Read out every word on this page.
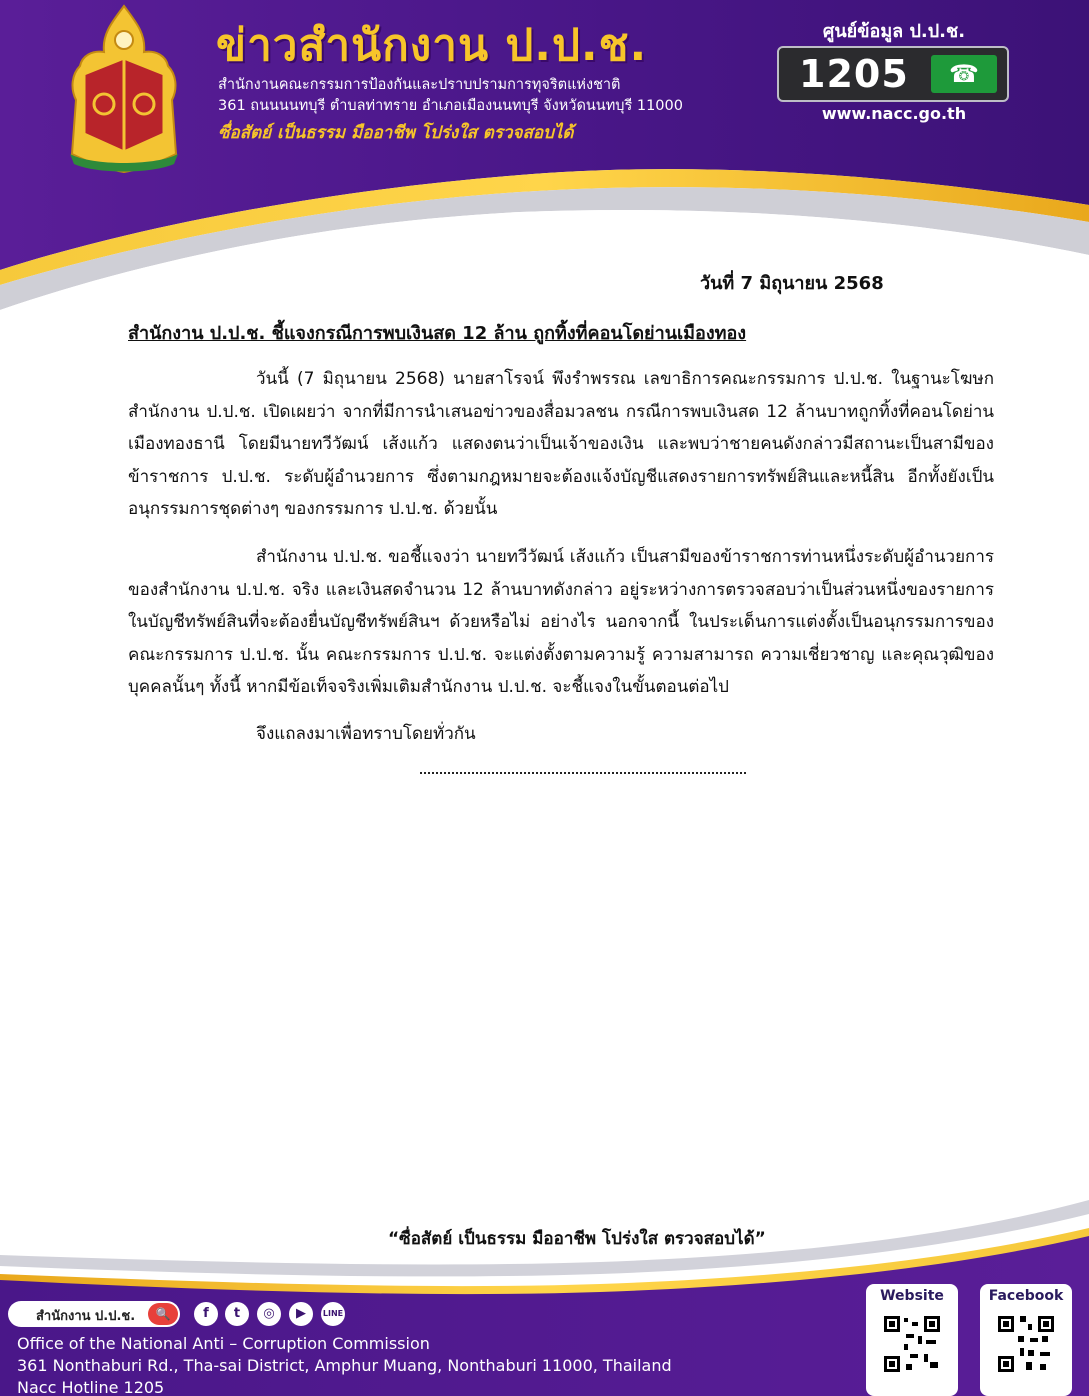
ข่าวสำนักงาน ป.ป.ช.
สำนักงานคณะกรรมการป้องกันและปราบปรามการทุจริตแห่งชาติ
361 ถนนนนทบุรี ตำบลท่าทราย อำเภอเมืองนนทบุรี จังหวัดนนทบุรี 11000
ซื่อสัตย์ เป็นธรรม มืออาชีพ โปร่งใส ตรวจสอบได้
ศูนย์ข้อมูล ป.ป.ช.
1205	☎
www.nacc.go.th
วันที่ 7 มิถุนายน 2568
สำนักงาน ป.ป.ช. ชี้แจงกรณีการพบเงินสด 12 ล้าน ถูกทิ้งที่คอนโดย่านเมืองทอง
วันนี้ (7 มิถุนายน 2568) นายสาโรจน์ พึงรำพรรณ เลขาธิการคณะกรรมการ ป.ป.ช. ในฐานะโฆษกสำนักงาน ป.ป.ช. เปิดเผยว่า จากที่มีการนำเสนอข่าวของสื่อมวลชน กรณีการพบเงินสด 12 ล้านบาทถูกทิ้งที่คอนโดย่านเมืองทองธานี โดยมีนายทวีวัฒน์ เส้งแก้ว แสดงตนว่าเป็นเจ้าของเงิน และพบว่าชายคนดังกล่าวมีสถานะเป็นสามีของข้าราชการ ป.ป.ช. ระดับผู้อำนวยการ ซึ่งตามกฎหมายจะต้องแจ้งบัญชีแสดงรายการทรัพย์สินและหนี้สิน อีกทั้งยังเป็นอนุกรรมการชุดต่างๆ ของกรรมการ ป.ป.ช. ด้วยนั้น
สำนักงาน ป.ป.ช. ขอชี้แจงว่า นายทวีวัฒน์ เส้งแก้ว เป็นสามีของข้าราชการท่านหนึ่งระดับผู้อำนวยการของสำนักงาน ป.ป.ช. จริง และเงินสดจำนวน 12 ล้านบาทดังกล่าว อยู่ระหว่างการตรวจสอบว่าเป็นส่วนหนึ่งของรายการในบัญชีทรัพย์สินที่จะต้องยื่นบัญชีทรัพย์สินฯ ด้วยหรือไม่ อย่างไร นอกจากนี้ ในประเด็นการแต่งตั้งเป็นอนุกรรมการของคณะกรรมการ ป.ป.ช. นั้น คณะกรรมการ ป.ป.ช. จะแต่งตั้งตามความรู้ ความสามารถ ความเชี่ยวชาญ และคุณวุฒิของบุคคลนั้นๆ ทั้งนี้ หากมีข้อเท็จจริงเพิ่มเติมสำนักงาน ป.ป.ช. จะชี้แจงในขั้นตอนต่อไป
จึงแถลงมาเพื่อทราบโดยทั่วกัน
“ซื่อสัตย์ เป็นธรรม มืออาชีพ โปร่งใส ตรวจสอบได้”
สำนักงาน ป.ป.ช.	🔍	f	t	◎	▶	LINE
Office of the National Anti – Corruption Commission
361 Nonthaburi Rd., Tha-sai District, Amphur Muang, Nonthaburi 11000, Thailand
Nacc Hotline 1205
Website	Facebook
